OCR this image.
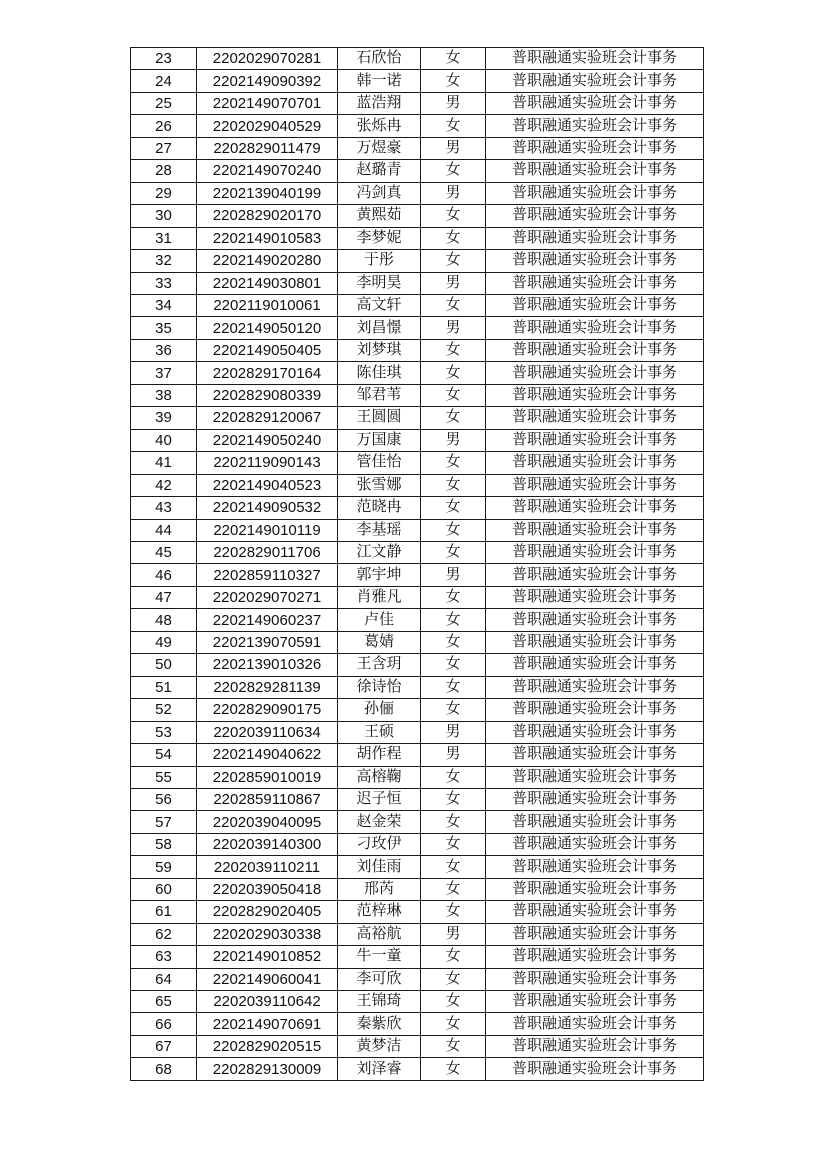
23	2202029070281	石欣怡	女	普职融通实验班会计事务
24	2202149090392	韩一诺	女	普职融通实验班会计事务
25	2202149070701	蓝浩翔	男	普职融通实验班会计事务
26	2202029040529	张烁冉	女	普职融通实验班会计事务
27	2202829011479	万煜豪	男	普职融通实验班会计事务
28	2202149070240	赵璐青	女	普职融通实验班会计事务
29	2202139040199	冯剑真	男	普职融通实验班会计事务
30	2202829020170	黄熙茹	女	普职融通实验班会计事务
31	2202149010583	李梦妮	女	普职融通实验班会计事务
32	2202149020280	于彤	女	普职融通实验班会计事务
33	2202149030801	李明昊	男	普职融通实验班会计事务
34	2202119010061	高文轩	女	普职融通实验班会计事务
35	2202149050120	刘昌憬	男	普职融通实验班会计事务
36	2202149050405	刘梦琪	女	普职融通实验班会计事务
37	2202829170164	陈佳琪	女	普职融通实验班会计事务
38	2202829080339	邹君苇	女	普职融通实验班会计事务
39	2202829120067	王圆圆	女	普职融通实验班会计事务
40	2202149050240	万国康	男	普职融通实验班会计事务
41	2202119090143	管佳怡	女	普职融通实验班会计事务
42	2202149040523	张雪娜	女	普职融通实验班会计事务
43	2202149090532	范晓冉	女	普职融通实验班会计事务
44	2202149010119	李基瑶	女	普职融通实验班会计事务
45	2202829011706	江文静	女	普职融通实验班会计事务
46	2202859110327	郭宇坤	男	普职融通实验班会计事务
47	2202029070271	肖雅凡	女	普职融通实验班会计事务
48	2202149060237	卢佳	女	普职融通实验班会计事务
49	2202139070591	葛婧	女	普职融通实验班会计事务
50	2202139010326	王含玥	女	普职融通实验班会计事务
51	2202829281139	徐诗怡	女	普职融通实验班会计事务
52	2202829090175	孙俪	女	普职融通实验班会计事务
53	2202039110634	王硕	男	普职融通实验班会计事务
54	2202149040622	胡作程	男	普职融通实验班会计事务
55	2202859010019	高榕鞠	女	普职融通实验班会计事务
56	2202859110867	迟子恒	女	普职融通实验班会计事务
57	2202039040095	赵金荣	女	普职融通实验班会计事务
58	2202039140300	刁玫伊	女	普职融通实验班会计事务
59	2202039110211	刘佳雨	女	普职融通实验班会计事务
60	2202039050418	邢芮	女	普职融通实验班会计事务
61	2202829020405	范梓琳	女	普职融通实验班会计事务
62	2202029030338	高裕航	男	普职融通实验班会计事务
63	2202149010852	牛一童	女	普职融通实验班会计事务
64	2202149060041	李可欣	女	普职融通实验班会计事务
65	2202039110642	王锦琦	女	普职融通实验班会计事务
66	2202149070691	秦紫欣	女	普职融通实验班会计事务
67	2202829020515	黄梦洁	女	普职融通实验班会计事务
68	2202829130009	刘泽睿	女	普职融通实验班会计事务
